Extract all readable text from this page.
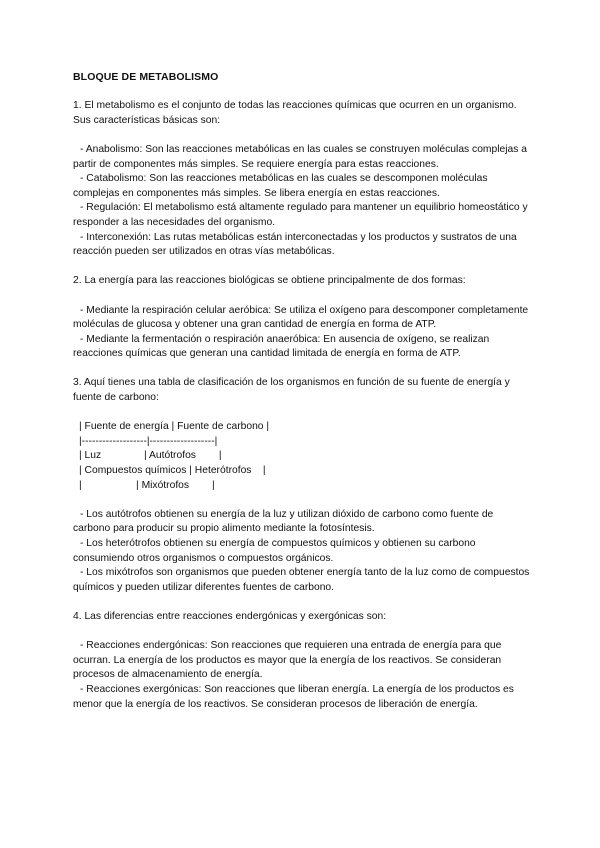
BLOQUE DE METABOLISMO
1. El metabolismo es el conjunto de todas las reacciones químicas que ocurren en un organismo. Sus características básicas son:
- Anabolismo: Son las reacciones metabólicas en las cuales se construyen moléculas complejas a partir de componentes más simples. Se requiere energía para estas reacciones.
- Catabolismo: Son las reacciones metabólicas en las cuales se descomponen moléculas complejas en componentes más simples. Se libera energía en estas reacciones.
- Regulación: El metabolismo está altamente regulado para mantener un equilibrio homeostático y responder a las necesidades del organismo.
- Interconexión: Las rutas metabólicas están interconectadas y los productos y sustratos de una reacción pueden ser utilizados en otras vías metabólicas.
2. La energía para las reacciones biológicas se obtiene principalmente de dos formas:
- Mediante la respiración celular aeróbica: Se utiliza el oxígeno para descomponer completamente moléculas de glucosa y obtener una gran cantidad de energía en forma de ATP.
- Mediante la fermentación o respiración anaeróbica: En ausencia de oxígeno, se realizan reacciones químicas que generan una cantidad limitada de energía en forma de ATP.
3. Aquí tienes una tabla de clasificación de los organismos en función de su fuente de energía y fuente de carbono:
| Fuente de energía | Fuente de carbono |
|-------------------|-------------------|
| Luz               | Autótrofos        |
| Compuestos químicos | Heterótrofos    |
|                   | Mixótrofos        |
- Los autótrofos obtienen su energía de la luz y utilizan dióxido de carbono como fuente de carbono para producir su propio alimento mediante la fotosíntesis.
- Los heterótrofos obtienen su energía de compuestos químicos y obtienen su carbono consumiendo otros organismos o compuestos orgánicos.
- Los mixótrofos son organismos que pueden obtener energía tanto de la luz como de compuestos químicos y pueden utilizar diferentes fuentes de carbono.
4. Las diferencias entre reacciones endergónicas y exergónicas son:
- Reacciones endergónicas: Son reacciones que requieren una entrada de energía para que ocurran. La energía de los productos es mayor que la energía de los reactivos. Se consideran procesos de almacenamiento de energía.
- Reacciones exergónicas: Son reacciones que liberan energía. La energía de los productos es menor que la energía de los reactivos. Se consideran procesos de liberación de energía.
